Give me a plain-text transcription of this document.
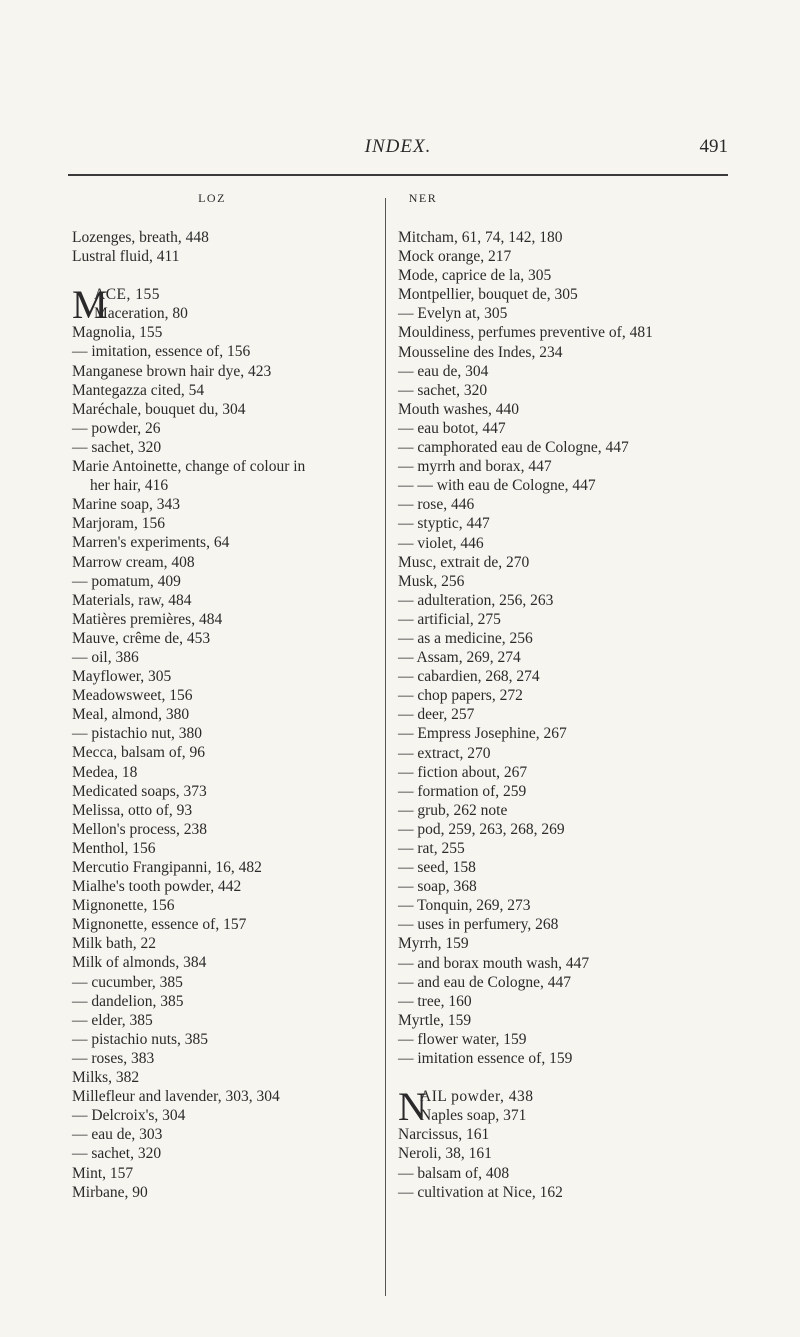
INDEX.	491
LOZ
Lozenges, breath, 448
Lustral fluid, 411
M
ACE, 155
Maceration, 80
Magnolia, 155
— imitation, essence of, 156
Manganese brown hair dye, 423
Mantegazza cited, 54
Maréchale, bouquet du, 304
— powder, 26
— sachet, 320
Marie Antoinette, change of colour in
her hair, 416
Marine soap, 343
Marjoram, 156
Marren's experiments, 64
Marrow cream, 408
— pomatum, 409
Materials, raw, 484
Matières premières, 484
Mauve, crême de, 453
— oil, 386
Mayflower, 305
Meadowsweet, 156
Meal, almond, 380
— pistachio nut, 380
Mecca, balsam of, 96
Medea, 18
Medicated soaps, 373
Melissa, otto of, 93
Mellon's process, 238
Menthol, 156
Mercutio Frangipanni, 16, 482
Mialhe's tooth powder, 442
Mignonette, 156
Mignonette, essence of, 157
Milk bath, 22
Milk of almonds, 384
— cucumber, 385
— dandelion, 385
— elder, 385
— pistachio nuts, 385
— roses, 383
Milks, 382
Millefleur and lavender, 303, 304
— Delcroix's, 304
— eau de, 303
— sachet, 320
Mint, 157
Mirbane, 90
NER
Mitcham, 61, 74, 142, 180
Mock orange, 217
Mode, caprice de la, 305
Montpellier, bouquet de, 305
— Evelyn at, 305
Mouldiness, perfumes preventive of, 481
Mousseline des Indes, 234
— eau de, 304
— sachet, 320
Mouth washes, 440
— eau botot, 447
— camphorated eau de Cologne, 447
— myrrh and borax, 447
— — with eau de Cologne, 447
— rose, 446
— styptic, 447
— violet, 446
Musc, extrait de, 270
Musk, 256
— adulteration, 256, 263
— artificial, 275
— as a medicine, 256
— Assam, 269, 274
— cabardien, 268, 274
— chop papers, 272
— deer, 257
— Empress Josephine, 267
— extract, 270
— fiction about, 267
— formation of, 259
— grub, 262 note
— pod, 259, 263, 268, 269
— rat, 255
— seed, 158
— soap, 368
— Tonquin, 269, 273
— uses in perfumery, 268
Myrrh, 159
— and borax mouth wash, 447
— and eau de Cologne, 447
— tree, 160
Myrtle, 159
— flower water, 159
— imitation essence of, 159
N
AIL powder, 438
Naples soap, 371
Narcissus, 161
Neroli, 38, 161
— balsam of, 408
— cultivation at Nice, 162
